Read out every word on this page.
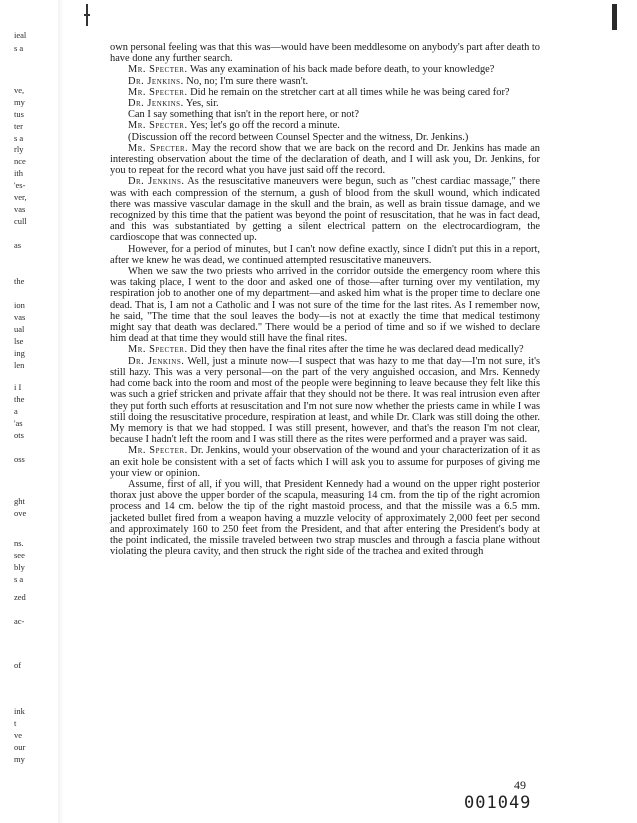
ieal
s a
ve,
my
tus
ter
s a
rly
nce
ith
'es-
ver,
vas
cull
as
the
ion
vas
ual
lse
ing
len
i I
the
a
'as
ots
oss
ght
ove
ns.
see
bly
s a
zed
ac-
of
ink
t
ve
our
my

own personal feeling was that this was—would have been meddlesome on anybody's part after death to have done any further search.

Mr. Specter. Was any examination of his back made before death, to your knowledge?

Dr. Jenkins. No, no; I'm sure there wasn't.

Mr. Specter. Did he remain on the stretcher cart at all times while he was being cared for?

Dr. Jenkins. Yes, sir.

Can I say something that isn't in the report here, or not?

Mr. Specter. Yes; let's go off the record a minute.

(Discussion off the record between Counsel Specter and the witness, Dr. Jenkins.)

Mr. Specter. May the record show that we are back on the record and Dr. Jenkins has made an interesting observation about the time of the declaration of death, and I will ask you, Dr. Jenkins, for you to repeat for the record what you have just said off the record.

Dr. Jenkins. As the resuscitative maneuvers were begun, such as "chest cardiac massage," there was with each compression of the sternum, a gush of blood from the skull wound, which indicated there was massive vascular damage in the skull and the brain, as well as brain tissue damage, and we recognized by this time that the patient was beyond the point of resuscitation, that he was in fact dead, and this was substantiated by getting a silent electrical pattern on the electrocardiogram, the cardioscope that was connected up.

However, for a period of minutes, but I can't now define exactly, since I didn't put this in a report, after we knew he was dead, we continued attempted resuscitative maneuvers.

When we saw the two priests who arrived in the corridor outside the emergency room where this was taking place, I went to the door and asked one of those—after turning over my ventilation, my respiration job to another one of my department—and asked him what is the proper time to declare one dead. That is, I am not a Catholic and I was not sure of the time for the last rites. As I remember now, he said, "The time that the soul leaves the body—is not at exactly the time that medical testimony might say that death was declared." There would be a period of time and so if we wished to declare him dead at that time they would still have the final rites.

Mr. Specter. Did they then have the final rites after the time he was declared dead medically?

Dr. Jenkins. Well, just a minute now—I suspect that was hazy to me that day—I'm not sure, it's still hazy. This was a very personal—on the part of the very anguished occasion, and Mrs. Kennedy had come back into the room and most of the people were beginning to leave because they felt like this was such a grief stricken and private affair that they should not be there. It was real intrusion even after they put forth such efforts at resuscitation and I'm not sure now whether the priests came in while I was still doing the resuscitative procedure, respiration at least, and while Dr. Clark was still doing the other. My memory is that we had stopped. I was still present, however, and that's the reason I'm not clear, because I hadn't left the room and I was still there as the rites were performed and a prayer was said.

Mr. Specter. Dr. Jenkins, would your observation of the wound and your characterization of it as an exit hole be consistent with a set of facts which I will ask you to assume for purposes of giving me your view or opinion.

Assume, first of all, if you will, that President Kennedy had a wound on the upper right posterior thorax just above the upper border of the scapula, measuring 14 cm. from the tip of the right acromion process and 14 cm. below the tip of the right mastoid process, and that the missile was a 6.5 mm. jacketed bullet fired from a weapon having a muzzle velocity of approximately 2,000 feet per second and approximately 160 to 250 feet from the President, and that after entering the President's body at the point indicated, the missile traveled between two strap muscles and through a fascia plane without violating the pleura cavity, and then struck the right side of the trachea and exited through

49
001049
